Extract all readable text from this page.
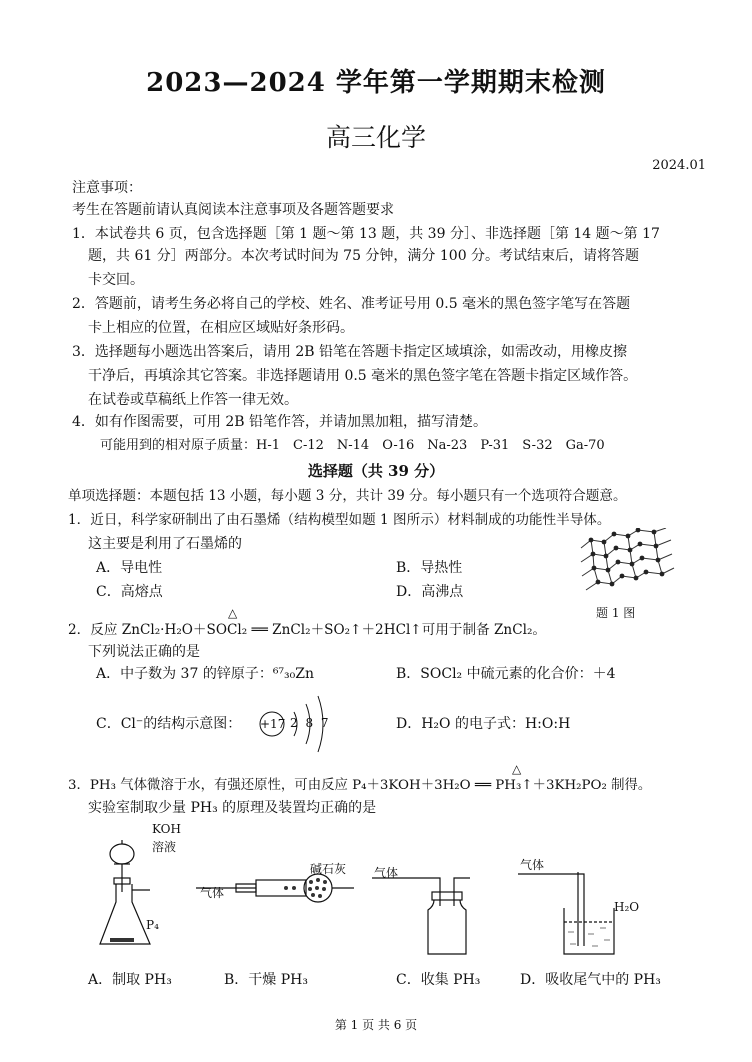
2023—2024 学年第一学期期末检测
高三化学
2024.01
注意事项：
考生在答题前请认真阅读本注意事项及各题答题要求
1．本试卷共 6 页，包含选择题［第 1 题～第 13 题，共 39 分］、非选择题［第 14 题～第 17
题，共 61 分］两部分。本次考试时间为 75 分钟，满分 100 分。考试结束后，请将答题
卡交回。
2．答题前，请考生务必将自己的学校、姓名、准考证号用 0.5 毫米的黑色签字笔写在答题
卡上相应的位置，在相应区域贴好条形码。
3．选择题每小题选出答案后，请用 2B 铅笔在答题卡指定区域填涂，如需改动，用橡皮擦
干净后，再填涂其它答案。非选择题请用 0.5 毫米的黑色签字笔在答题卡指定区域作答。
在试卷或草稿纸上作答一律无效。
4．如有作图需要，可用 2B 铅笔作答，并请加黑加粗，描写清楚。
可能用到的相对原子质量：H-1　C-12　N-14　O-16　Na-23　P-31　S-32　Ga-70
选择题（共 39 分）
单项选择题：本题包括 13 小题，每小题 3 分，共计 39 分。每小题只有一个选项符合题意。
1．近日，科学家研制出了由石墨烯（结构模型如题 1 图所示）材料制成的功能性半导体。
这主要是利用了石墨烯的
A．导电性	B．导热性
C．高熔点	D．高沸点
题 1 图
△
2．反应 ZnCl₂·H₂O＋SOCl₂ ══ ZnCl₂＋SO₂↑＋2HCl↑可用于制备 ZnCl₂。
下列说法正确的是
A．中子数为 37 的锌原子：⁶⁷₃₀Zn	B．SOCl₂ 中硫元素的化合价：＋4
C．Cl⁻的结构示意图： +17 2 8 7	D．H₂O 的电子式：H:O:H
△
3．PH₃ 气体微溶于水，有强还原性，可由反应 P₄＋3KOH＋3H₂O ══ PH₃↑＋3KH₂PO₂ 制得。
实验室制取少量 PH₃ 的原理及装置均正确的是
KOH
溶液
P₄
气体
碱石灰 气体
气体
H₂O
A．制取 PH₃	B．干燥 PH₃	C．收集 PH₃	D．吸收尾气中的 PH₃
第 1 页 共 6 页
